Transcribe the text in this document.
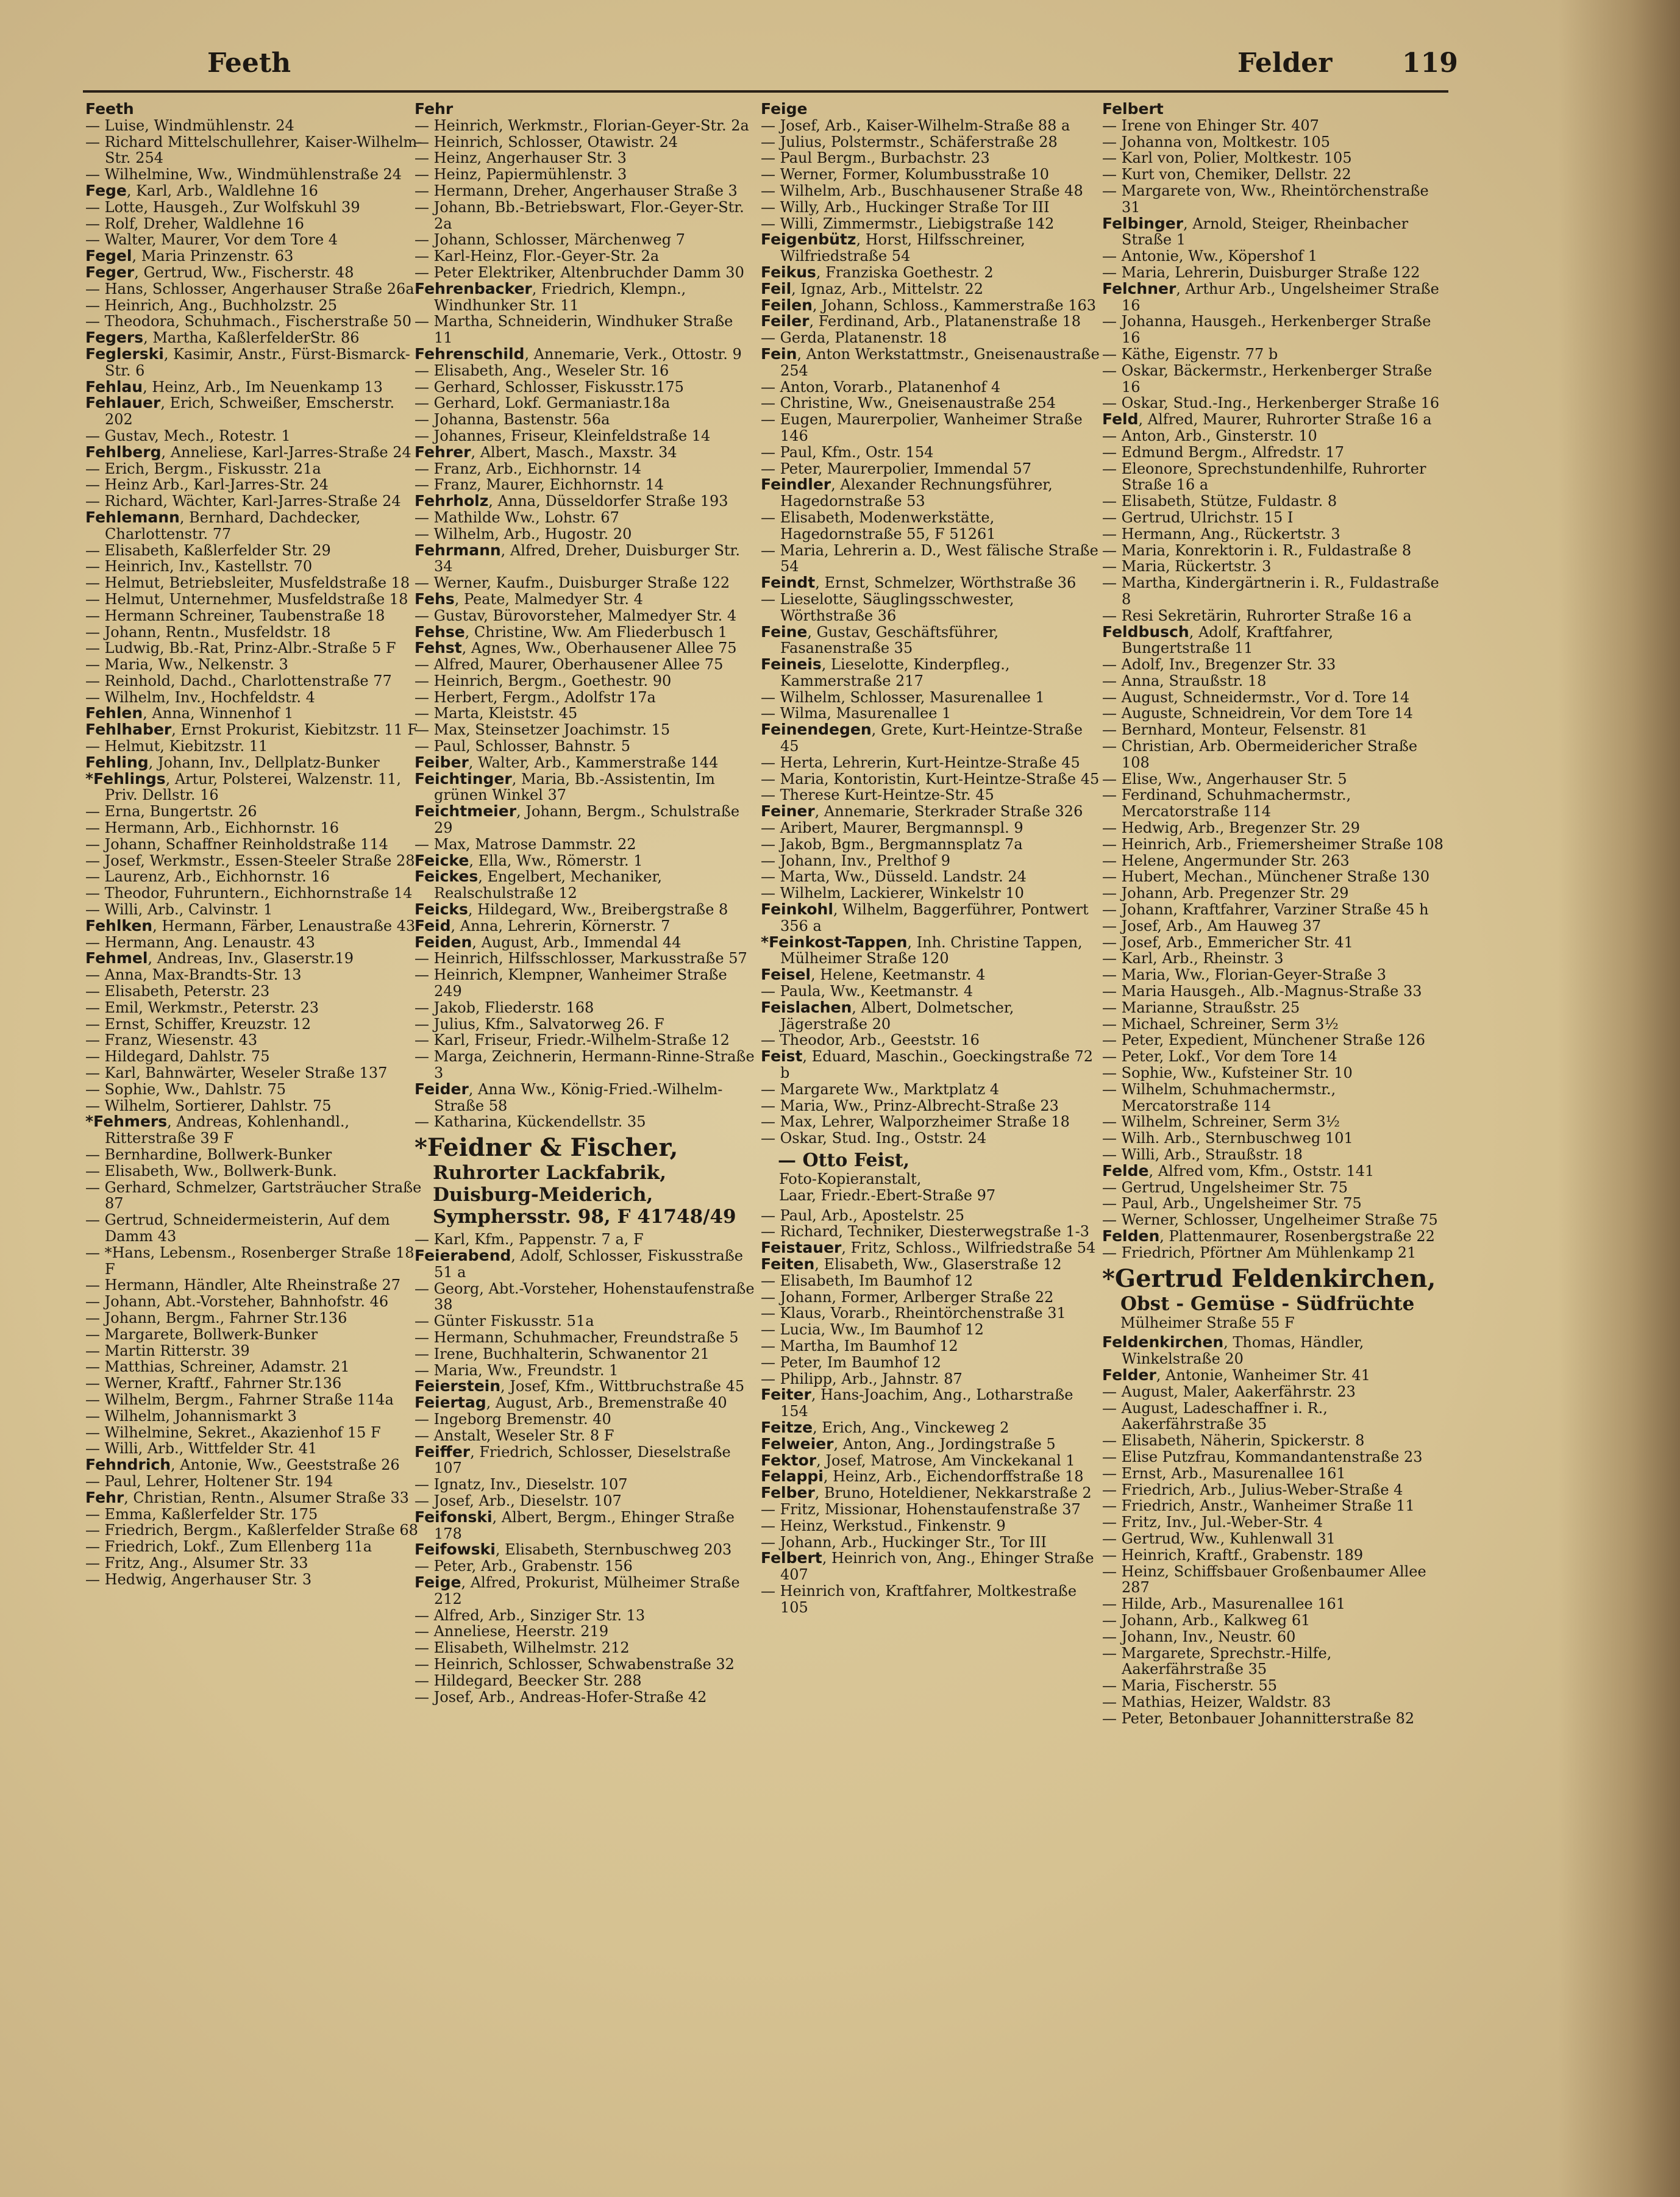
Feeth	Felder	119

Feeth

— Luise, Windmühlenstr. 24

— Richard Mittelschullehrer, Kaiser-Wilhelm-Str. 254

— Wilhelmine, Ww., Windmühlenstraße 24

Fege, Karl, Arb., Waldlehne 16

— Lotte, Hausgeh., Zur Wolfskuhl 39

— Rolf, Dreher, Waldlehne 16

— Walter, Maurer, Vor dem Tore 4

Fegel, Maria Prinzenstr. 63

Feger, Gertrud, Ww., Fischerstr. 48

— Hans, Schlosser, Angerhauser Straße 26a

— Heinrich, Ang., Buchholzstr. 25

— Theodora, Schuhmach., Fischerstraße 50

Fegers, Martha, KaßlerfelderStr. 86

Feglerski, Kasimir, Anstr., Fürst-Bismarck-Str. 6

Fehlau, Heinz, Arb., Im Neuenkamp 13

Fehlauer, Erich, Schweißer, Emscherstr. 202

— Gustav, Mech., Rotestr. 1

Fehlberg, Anneliese, Karl-Jarres-Straße 24

— Erich, Bergm., Fiskusstr. 21a

— Heinz Arb., Karl-Jarres-Str. 24

— Richard, Wächter, Karl-Jarres-Straße 24

Fehlemann, Bernhard, Dachdecker, Charlottenstr. 77

— Elisabeth, Kaßlerfelder Str. 29

— Heinrich, Inv., Kastellstr. 70

— Helmut, Betriebsleiter, Musfeldstraße 18

— Helmut, Unternehmer, Musfeldstraße 18

— Hermann Schreiner, Taubenstraße 18

— Johann, Rentn., Musfeldstr. 18

— Ludwig, Bb.-Rat, Prinz-Albr.-Straße 5 F

— Maria, Ww., Nelkenstr. 3

— Reinhold, Dachd., Charlottenstraße 77

— Wilhelm, Inv., Hochfeldstr. 4

Fehlen, Anna, Winnenhof 1

Fehlhaber, Ernst Prokurist, Kiebitzstr. 11 F

— Helmut, Kiebitzstr. 11

Fehling, Johann, Inv., Dellplatz-Bunker

*Fehlings, Artur, Polsterei, Walzenstr. 11, Priv. Dellstr. 16

— Erna, Bungertstr. 26

— Hermann, Arb., Eichhornstr. 16

— Johann, Schaffner Reinholdstraße 114

— Josef, Werkmstr., Essen-Steeler Straße 28

— Laurenz, Arb., Eichhornstr. 16

— Theodor, Fuhruntern., Eichhornstraße 14

— Willi, Arb., Calvinstr. 1

Fehlken, Hermann, Färber, Lenaustraße 43

— Hermann, Ang. Lenaustr. 43

Fehmel, Andreas, Inv., Glaserstr.19

— Anna, Max-Brandts-Str. 13

— Elisabeth, Peterstr. 23

— Emil, Werkmstr., Peterstr. 23

— Ernst, Schiffer, Kreuzstr. 12

— Franz, Wiesenstr. 43

— Hildegard, Dahlstr. 75

— Karl, Bahnwärter, Weseler Straße 137

— Sophie, Ww., Dahlstr. 75

— Wilhelm, Sortierer, Dahlstr. 75

*Fehmers, Andreas, Kohlenhandl., Ritterstraße 39 F

— Bernhardine, Bollwerk-Bunker

— Elisabeth, Ww., Bollwerk-Bunk.

— Gerhard, Schmelzer, Gartsträucher Straße 87

— Gertrud, Schneidermeisterin, Auf dem Damm 43

— *Hans, Lebensm., Rosenberger Straße 18 F

— Hermann, Händler, Alte Rheinstraße 27

— Johann, Abt.-Vorsteher, Bahnhofstr. 46

— Johann, Bergm., Fahrner Str.136

— Margarete, Bollwerk-Bunker

— Martin Ritterstr. 39

— Matthias, Schreiner, Adamstr. 21

— Werner, Kraftf., Fahrner Str.136

— Wilhelm, Bergm., Fahrner Straße 114a

— Wilhelm, Johannismarkt 3

— Wilhelmine, Sekret., Akazienhof 15 F

— Willi, Arb., Wittfelder Str. 41

Fehndrich, Antonie, Ww., Geeststraße 26

— Paul, Lehrer, Holtener Str. 194

Fehr, Christian, Rentn., Alsumer Straße 33

— Emma, Kaßlerfelder Str. 175

— Friedrich, Bergm., Kaßlerfelder Straße 68

— Friedrich, Lokf., Zum Ellenberg 11a

— Fritz, Ang., Alsumer Str. 33

— Hedwig, Angerhauser Str. 3

Fehr

— Heinrich, Werkmstr., Florian-Geyer-Str. 2a

— Heinrich, Schlosser, Otawistr. 24

— Heinz, Angerhauser Str. 3

— Heinz, Papiermühlenstr. 3

— Hermann, Dreher, Angerhauser Straße 3

— Johann, Bb.-Betriebswart, Flor.-Geyer-Str. 2a

— Johann, Schlosser, Märchenweg 7

— Karl-Heinz, Flor.-Geyer-Str. 2a

— Peter Elektriker, Altenbruchder Damm 30

Fehrenbacker, Friedrich, Klempn., Windhunker Str. 11

— Martha, Schneiderin, Windhuker Straße 11

Fehrenschild, Annemarie, Verk., Ottostr. 9

— Elisabeth, Ang., Weseler Str. 16

— Gerhard, Schlosser, Fiskusstr.175

— Gerhard, Lokf. Germaniastr.18a

— Johanna, Bastenstr. 56a

— Johannes, Friseur, Kleinfeldstraße 14

Fehrer, Albert, Masch., Maxstr. 34

— Franz, Arb., Eichhornstr. 14

— Franz, Maurer, Eichhornstr. 14

Fehrholz, Anna, Düsseldorfer Straße 193

— Mathilde Ww., Lohstr. 67

— Wilhelm, Arb., Hugostr. 20

Fehrmann, Alfred, Dreher, Duisburger Str. 34

— Werner, Kaufm., Duisburger Straße 122

Fehs, Peate, Malmedyer Str. 4

— Gustav, Bürovorsteher, Malmedyer Str. 4

Fehse, Christine, Ww. Am Fliederbusch 1

Fehst, Agnes, Ww., Oberhausener Allee 75

— Alfred, Maurer, Oberhausener Allee 75

— Heinrich, Bergm., Goethestr. 90

— Herbert, Fergm., Adolfstr 17a

— Marta, Kleiststr. 45

— Max, Steinsetzer Joachimstr. 15

— Paul, Schlosser, Bahnstr. 5

Feiber, Walter, Arb., Kammerstraße 144

Feichtinger, Maria, Bb.-Assistentin, Im grünen Winkel 37

Feichtmeier, Johann, Bergm., Schulstraße 29

— Max, Matrose Dammstr. 22

Feicke, Ella, Ww., Römerstr. 1

Feickes, Engelbert, Mechaniker, Realschulstraße 12

Feicks, Hildegard, Ww., Breibergstraße 8

Feid, Anna, Lehrerin, Körnerstr. 7

Feiden, August, Arb., Immendal 44

— Heinrich, Hilfsschlosser, Markusstraße 57

— Heinrich, Klempner, Wanheimer Straße 249

— Jakob, Fliederstr. 168

— Julius, Kfm., Salvatorweg 26. F

— Karl, Friseur, Friedr.-Wilhelm-Straße 12

— Marga, Zeichnerin, Hermann-Rinne-Straße 3

Feider, Anna Ww., König-Fried.-Wilhelm-Straße 58

— Katharina, Kückendellstr. 35

*Feidner & Fischer,
Ruhrorter Lackfabrik,
Duisburg-Meiderich,
Symphersstr. 98, F 41748/49

— Karl, Kfm., Pappenstr. 7 a, F

Feierabend, Adolf, Schlosser, Fiskusstraße 51 a

— Georg, Abt.-Vorsteher, Hohenstaufenstraße 38

— Günter Fiskusstr. 51a

— Hermann, Schuhmacher, Freundstraße 5

— Irene, Buchhalterin, Schwanentor 21

— Maria, Ww., Freundstr. 1

Feierstein, Josef, Kfm., Wittbruchstraße 45

Feiertag, August, Arb., Bremenstraße 40

— Ingeborg Bremenstr. 40

— Anstalt, Weseler Str. 8 F

Feiffer, Friedrich, Schlosser, Dieselstraße 107

— Ignatz, Inv., Dieselstr. 107

— Josef, Arb., Dieselstr. 107

Feifonski, Albert, Bergm., Ehinger Straße 178

Feifowski, Elisabeth, Sternbuschweg 203

— Peter, Arb., Grabenstr. 156

Feige, Alfred, Prokurist, Mülheimer Straße 212

— Alfred, Arb., Sinziger Str. 13

— Anneliese, Heerstr. 219

— Elisabeth, Wilhelmstr. 212

— Heinrich, Schlosser, Schwabenstraße 32

— Hildegard, Beecker Str. 288

— Josef, Arb., Andreas-Hofer-Straße 42

Feige

— Josef, Arb., Kaiser-Wilhelm-Straße 88 a

— Julius, Polstermstr., Schäferstraße 28

— Paul Bergm., Burbachstr. 23

— Werner, Former, Kolumbusstraße 10

— Wilhelm, Arb., Buschhausener Straße 48

— Willy, Arb., Huckinger Straße Tor III

— Willi, Zimmermstr., Liebigstraße 142

Feigenbütz, Horst, Hilfsschreiner, Wilfriedstraße 54

Feikus, Franziska Goethestr. 2

Feil, Ignaz, Arb., Mittelstr. 22

Feilen, Johann, Schloss., Kammerstraße 163

Feiler, Ferdinand, Arb., Platanenstraße 18

— Gerda, Platanenstr. 18

Fein, Anton Werkstattmstr., Gneisenaustraße 254

— Anton, Vorarb., Platanenhof 4

— Christine, Ww., Gneisenaustraße 254

— Eugen, Maurerpolier, Wanheimer Straße 146

— Paul, Kfm., Ostr. 154

— Peter, Maurerpolier, Immendal 57

Feindler, Alexander Rechnungsführer, Hagedornstraße 53

— Elisabeth, Modenwerkstätte, Hagedornstraße 55, F 51261

— Maria, Lehrerin a. D., West fälische Straße 54

Feindt, Ernst, Schmelzer, Wörthstraße 36

— Lieselotte, Säuglingsschwester, Wörthstraße 36

Feine, Gustav, Geschäftsführer, Fasanenstraße 35

Feineis, Lieselotte, Kinderpfleg., Kammerstraße 217

— Wilhelm, Schlosser, Masurenallee 1

— Wilma, Masurenallee 1

Feinendegen, Grete, Kurt-Heintze-Straße 45

— Herta, Lehrerin, Kurt-Heintze-Straße 45

— Maria, Kontoristin, Kurt-Heintze-Straße 45

— Therese Kurt-Heintze-Str. 45

Feiner, Annemarie, Sterkrader Straße 326

— Aribert, Maurer, Bergmannspl. 9

— Jakob, Bgm., Bergmannsplatz 7a

— Johann, Inv., Prelthof 9

— Marta, Ww., Düsseld. Landstr. 24

— Wilhelm, Lackierer, Winkelstr 10

Feinkohl, Wilhelm, Baggerführer, Pontwert 356 a

*Feinkost-Tappen, Inh. Christine Tappen, Mülheimer Straße 120

Feisel, Helene, Keetmanstr. 4

— Paula, Ww., Keetmanstr. 4

Feislachen, Albert, Dolmetscher, Jägerstraße 20

— Theodor, Arb., Geeststr. 16

Feist, Eduard, Maschin., Goeckingstraße 72 b

— Margarete Ww., Marktplatz 4

— Maria, Ww., Prinz-Albrecht-Straße 23

— Max, Lehrer, Walporzheimer Straße 18

— Oskar, Stud. Ing., Oststr. 24

— Otto Feist,
Foto-Kopieranstalt,
Laar, Friedr.-Ebert-Straße 97

— Paul, Arb., Apostelstr. 25

— Richard, Techniker, Diesterwegstraße 1-3

Feistauer, Fritz, Schloss., Wilfriedstraße 54

Feiten, Elisabeth, Ww., Glaserstraße 12

— Elisabeth, Im Baumhof 12

— Johann, Former, Arlberger Straße 22

— Klaus, Vorarb., Rheintörchenstraße 31

— Lucia, Ww., Im Baumhof 12

— Martha, Im Baumhof 12

— Peter, Im Baumhof 12

— Philipp, Arb., Jahnstr. 87

Feiter, Hans-Joachim, Ang., Lotharstraße 154

Feitze, Erich, Ang., Vinckeweg 2

Felweier, Anton, Ang., Jordingstraße 5

Fektor, Josef, Matrose, Am Vinckekanal 1

Felappi, Heinz, Arb., Eichendorffstraße 18

Felber, Bruno, Hoteldiener, Nekkarstraße 2

— Fritz, Missionar, Hohenstaufenstraße 37

— Heinz, Werkstud., Finkenstr. 9

— Johann, Arb., Huckinger Str., Tor III

Felbert, Heinrich von, Ang., Ehinger Straße 407

— Heinrich von, Kraftfahrer, Moltkestraße 105

Felbert

— Irene von Ehinger Str. 407

— Johanna von, Moltkestr. 105

— Karl von, Polier, Moltkestr. 105

— Kurt von, Chemiker, Dellstr. 22

— Margarete von, Ww., Rheintörchenstraße 31

Felbinger, Arnold, Steiger, Rheinbacher Straße 1

— Antonie, Ww., Köpershof 1

— Maria, Lehrerin, Duisburger Straße 122

Felchner, Arthur Arb., Ungelsheimer Straße 16

— Johanna, Hausgeh., Herkenberger Straße 16

— Käthe, Eigenstr. 77 b

— Oskar, Bäckermstr., Herkenberger Straße 16

— Oskar, Stud.-Ing., Herkenberger Straße 16

Feld, Alfred, Maurer, Ruhrorter Straße 16 a

— Anton, Arb., Ginsterstr. 10

— Edmund Bergm., Alfredstr. 17

— Eleonore, Sprechstundenhilfe, Ruhrorter Straße 16 a

— Elisabeth, Stütze, Fuldastr. 8

— Gertrud, Ulrichstr. 15 I

— Hermann, Ang., Rückertstr. 3

— Maria, Konrektorin i. R., Fuldastraße 8

— Maria, Rückertstr. 3

— Martha, Kindergärtnerin i. R., Fuldastraße 8

— Resi Sekretärin, Ruhrorter Straße 16 a

Feldbusch, Adolf, Kraftfahrer, Bungertstraße 11

— Adolf, Inv., Bregenzer Str. 33

— Anna, Straußstr. 18

— August, Schneidermstr., Vor d. Tore 14

— Auguste, Schneidrein, Vor dem Tore 14

— Bernhard, Monteur, Felsenstr. 81

— Christian, Arb. Obermeidericher Straße 108

— Elise, Ww., Angerhauser Str. 5

— Ferdinand, Schuhmachermstr., Mercatorstraße 114

— Hedwig, Arb., Bregenzer Str. 29

— Heinrich, Arb., Friemersheimer Straße 108

— Helene, Angermunder Str. 263

— Hubert, Mechan., Münchener Straße 130

— Johann, Arb. Pregenzer Str. 29

— Johann, Kraftfahrer, Varziner Straße 45 h

— Josef, Arb., Am Hauweg 37

— Josef, Arb., Emmericher Str. 41

— Karl, Arb., Rheinstr. 3

— Maria, Ww., Florian-Geyer-Straße 3

— Maria Hausgeh., Alb.-Magnus-Straße 33

— Marianne, Straußstr. 25

— Michael, Schreiner, Serm 3½

— Peter, Expedient, Münchener Straße 126

— Peter, Lokf., Vor dem Tore 14

— Sophie, Ww., Kufsteiner Str. 10

— Wilhelm, Schuhmachermstr., Mercatorstraße 114

— Wilhelm, Schreiner, Serm 3½

— Wilh. Arb., Sternbuschweg 101

— Willi, Arb., Straußstr. 18

Felde, Alfred vom, Kfm., Oststr. 141

— Gertrud, Ungelsheimer Str. 75

— Paul, Arb., Ungelsheimer Str. 75

— Werner, Schlosser, Ungelheimer Straße 75

Felden, Plattenmaurer, Rosenbergstraße 22

— Friedrich, Pförtner Am Mühlenkamp 21

*Gertrud Feldenkirchen,
Obst - Gemüse - Südfrüchte
Mülheimer Straße 55 F

Feldenkirchen, Thomas, Händler, Winkelstraße 20

Felder, Antonie, Wanheimer Str. 41

— August, Maler, Aakerfährstr. 23

— August, Ladeschaffner i. R., Aakerfährstraße 35

— Elisabeth, Näherin, Spickerstr. 8

— Elise Putzfrau, Kommandantenstraße 23

— Ernst, Arb., Masurenallee 161

— Friedrich, Arb., Julius-Weber-Straße 4

— Friedrich, Anstr., Wanheimer Straße 11

— Fritz, Inv., Jul.-Weber-Str. 4

— Gertrud, Ww., Kuhlenwall 31

— Heinrich, Kraftf., Grabenstr. 189

— Heinz, Schiffsbauer Großenbaumer Allee 287

— Hilde, Arb., Masurenallee 161

— Johann, Arb., Kalkweg 61

— Johann, Inv., Neustr. 60

— Margarete, Sprechstr.-Hilfe, Aakerfährstraße 35

— Maria, Fischerstr. 55

— Mathias, Heizer, Waldstr. 83

— Peter, Betonbauer Johannitterstraße 82
